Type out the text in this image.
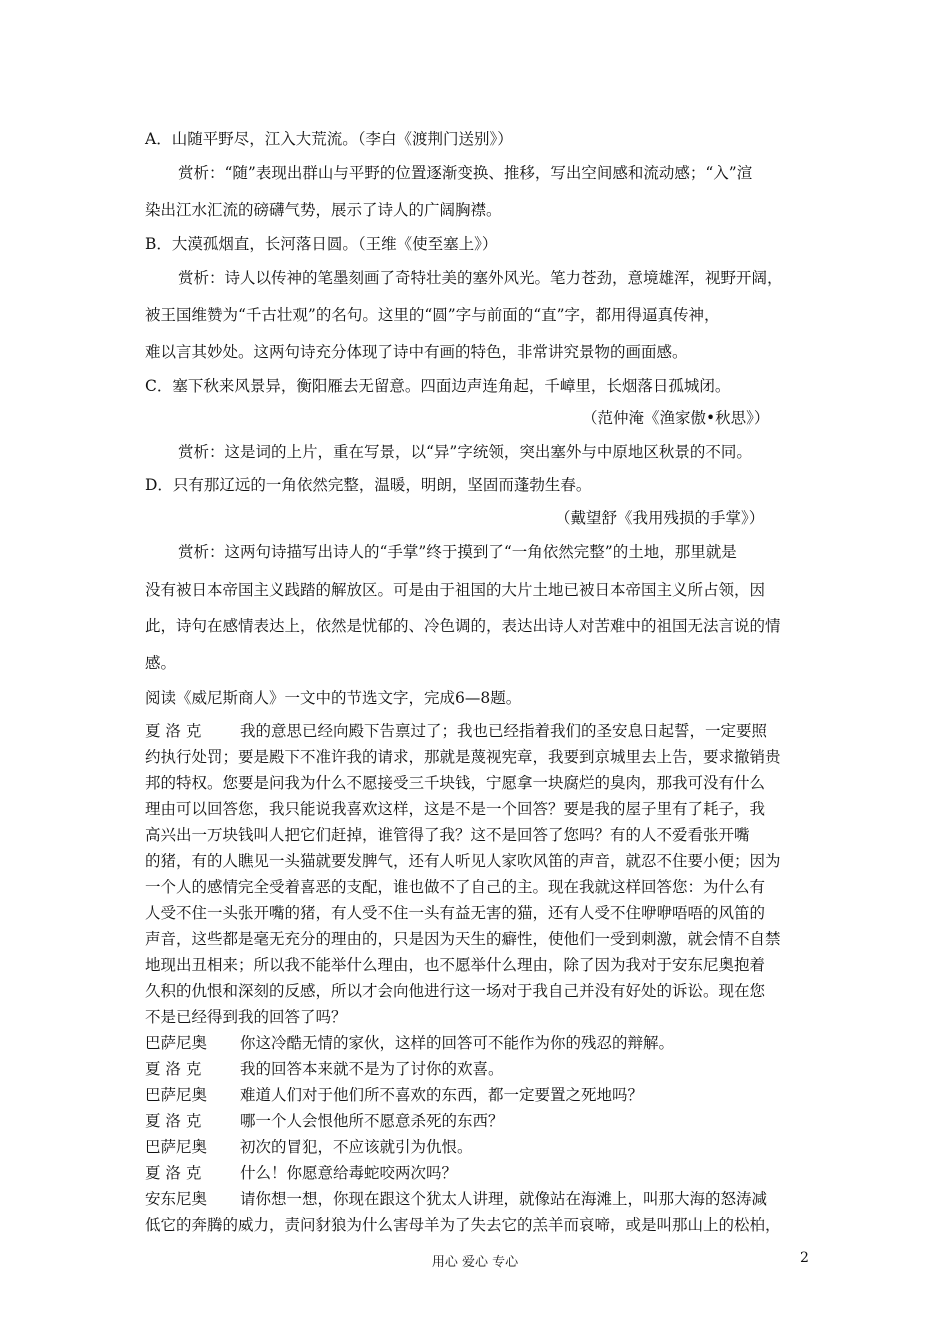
A．山随平野尽，江入大荒流。（李白《渡荆门送别》）
赏析：“随”表现出群山与平野的位置逐渐变换、推移，写出空间感和流动感；“入”渲
染出江水汇流的磅礴气势，展示了诗人的广阔胸襟。
B．大漠孤烟直，长河落日圆。（王维《使至塞上》）
赏析：诗人以传神的笔墨刻画了奇特壮美的塞外风光。笔力苍劲，意境雄浑，视野开阔，
被王国维赞为“千古壮观”的名句。这里的“圆”字与前面的“直”字，都用得逼真传神，
难以言其妙处。这两句诗充分体现了诗中有画的特色，非常讲究景物的画面感。
C．塞下秋来风景异，衡阳雁去无留意。四面边声连角起，千嶂里，长烟落日孤城闭。
（范仲淹《渔家傲•秋思》）
赏析：这是词的上片，重在写景，以“异”字统领，突出塞外与中原地区秋景的不同。
D．只有那辽远的一角依然完整，温暖，明朗，坚固而蓬勃生春。
（戴望舒《我用残损的手掌》）
赏析：这两句诗描写出诗人的“手掌”终于摸到了“一角依然完整”的土地，那里就是
没有被日本帝国主义践踏的解放区。可是由于祖国的大片土地已被日本帝国主义所占领，因
此，诗句在感情表达上，依然是忧郁的、冷色调的，表达出诗人对苦难中的祖国无法言说的情
感。
阅读《威尼斯商人》一文中的节选文字，完成6—8题。
夏 洛 克 我的意思已经向殿下告禀过了；我也已经指着我们的圣安息日起誓，一定要照
约执行处罚；要是殿下不准许我的请求，那就是蔑视宪章，我要到京城里去上告，要求撤销贵
邦的特权。您要是问我为什么不愿接受三千块钱，宁愿拿一块腐烂的臭肉，那我可没有什么
理由可以回答您，我只能说我喜欢这样，这是不是一个回答？要是我的屋子里有了耗子，我
高兴出一万块钱叫人把它们赶掉，谁管得了我？这不是回答了您吗？有的人不爱看张开嘴
的猪，有的人瞧见一头猫就要发脾气，还有人听见人家吹风笛的声音，就忍不住要小便；因为
一个人的感情完全受着喜恶的支配，谁也做不了自己的主。现在我就这样回答您：为什么有
人受不住一头张开嘴的猪，有人受不住一头有益无害的猫，还有人受不住咿咿唔唔的风笛的
声音，这些都是毫无充分的理由的，只是因为天生的癖性，使他们一受到刺激，就会情不自禁
地现出丑相来；所以我不能举什么理由，也不愿举什么理由，除了因为我对于安东尼奥抱着
久积的仇恨和深刻的反感，所以才会向他进行这一场对于我自己并没有好处的诉讼。现在您
不是已经得到我的回答了吗？
巴萨尼奥 你这冷酷无情的家伙，这样的回答可不能作为你的残忍的辩解。
夏 洛 克 我的回答本来就不是为了讨你的欢喜。
巴萨尼奥 难道人们对于他们所不喜欢的东西，都一定要置之死地吗？
夏 洛 克 哪一个人会恨他所不愿意杀死的东西？
巴萨尼奥 初次的冒犯，不应该就引为仇恨。
夏 洛 克 什么！你愿意给毒蛇咬两次吗？
安东尼奥 请你想一想，你现在跟这个犹太人讲理，就像站在海滩上，叫那大海的怒涛减
低它的奔腾的威力，责问豺狼为什么害母羊为了失去它的羔羊而哀啼，或是叫那山上的松柏，
用心 爱心 专心	2
